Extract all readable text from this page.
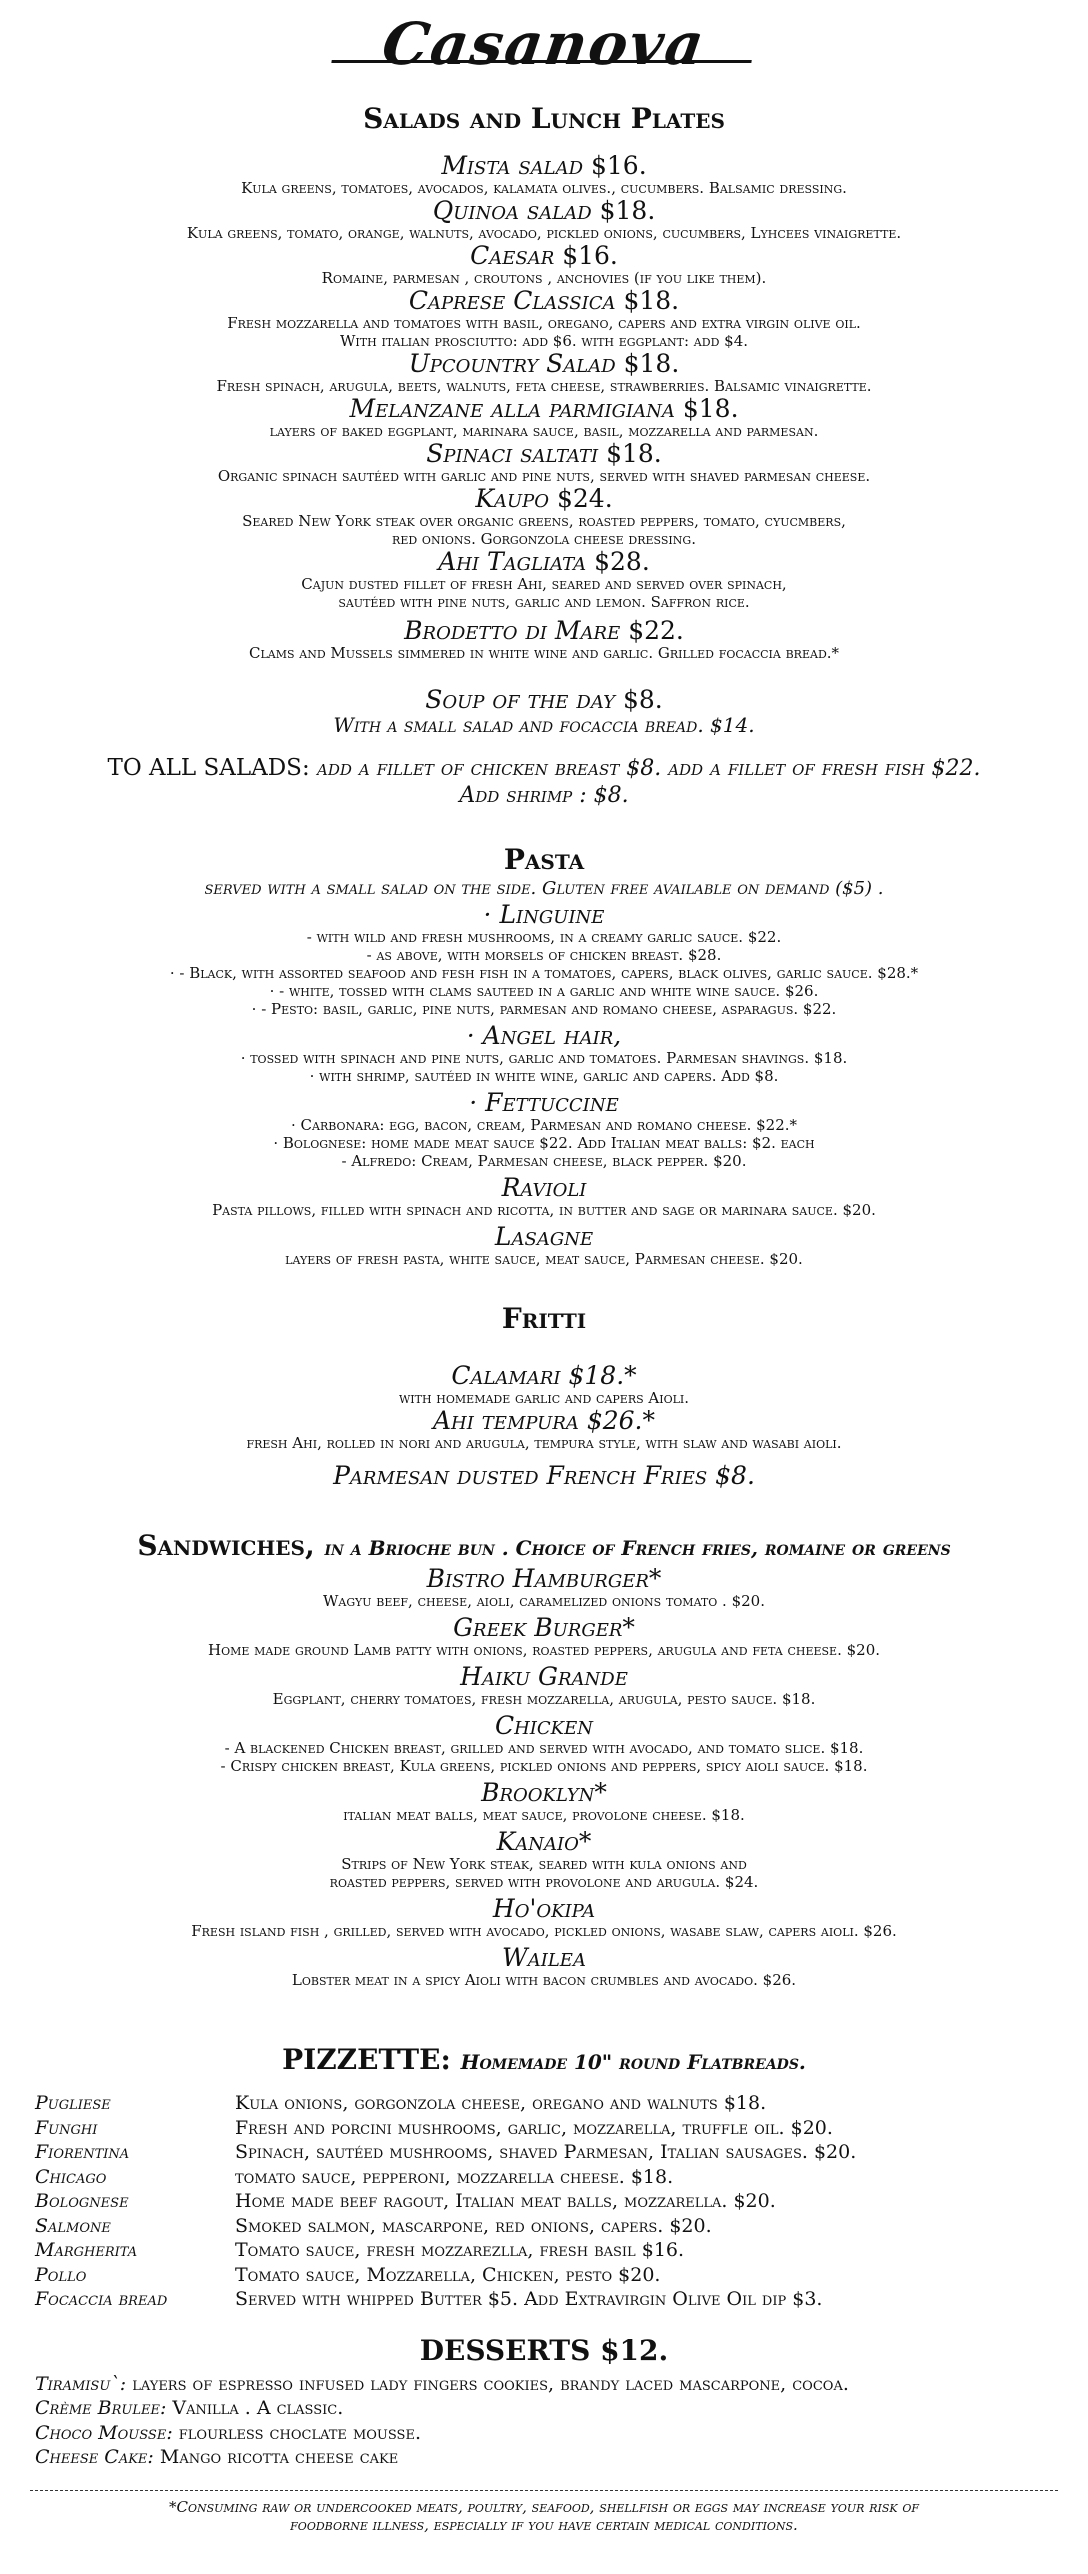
Casanova
Salads and Lunch Plates

Mista salad $16.

Kula greens, tomatoes, avocados, kalamata olives., cucumbers. Balsamic dressing.

Quinoa salad $18.

Kula greens, tomato, orange, walnuts, avocado, pickled onions, cucumbers, Lyhcees vinaigrette.

Caesar $16.

Romaine, parmesan , croutons , anchovies (if you like them).

Caprese Classica $18.

Fresh mozzarella and tomatoes with basil, oregano, capers and extra virgin olive oil.

With italian prosciutto: add $6. with eggplant: add $4.

Upcountry Salad $18.

Fresh spinach, arugula, beets, walnuts, feta cheese, strawberries. Balsamic vinaigrette.

Melanzane alla parmigiana $18.

layers of baked eggplant, marinara sauce, basil, mozzarella and parmesan.

Spinaci saltati $18.

Organic spinach sautéed with garlic and pine nuts, served with shaved parmesan cheese.

Kaupo $24.

Seared New York steak over organic greens, roasted peppers, tomato, cyucmbers,

red onions. Gorgonzola cheese dressing.

Ahi Tagliata $28.

Cajun dusted fillet of fresh Ahi, seared and served over spinach,

sautéed with pine nuts, garlic and lemon. Saffron rice.

Brodetto di Mare $22.

Clams and Mussels simmered in white wine and garlic. Grilled focaccia bread.*

Soup of the day $8.

With a small salad and focaccia bread. $14.

TO ALL SALADS: add a fillet of chicken breast $8. add a fillet of fresh fish $22.
Add shrimp : $8.
Pasta

served with a small salad on the side. Gluten free available on demand ($5) .

· Linguine

- with wild and fresh mushrooms, in a creamy garlic sauce. $22.

- as above, with morsels of chicken breast. $28.

· - Black, with assorted seafood and fesh fish in a tomatoes, capers, black olives, garlic sauce. $28.*

· - white, tossed with clams sauteed in a garlic and white wine sauce. $26.

· - Pesto: basil, garlic, pine nuts, parmesan and romano cheese, asparagus. $22.

· Angel hair,

· tossed with spinach and pine nuts, garlic and tomatoes. Parmesan shavings. $18.

· with shrimp, sautéed in white wine, garlic and capers. Add $8.

· Fettuccine

· Carbonara: egg, bacon, cream, Parmesan and romano cheese. $22.*

· Bolognese: home made meat sauce $22. Add Italian meat balls: $2. each

- Alfredo: Cream, Parmesan cheese, black pepper. $20.

Ravioli

Pasta pillows, filled with spinach and ricotta, in butter and sage or marinara sauce. $20.

Lasagne

layers of fresh pasta, white sauce, meat sauce, Parmesan cheese. $20.

Fritti

Calamari $18.*

with homemade garlic and capers Aioli.

Ahi tempura $26.*

fresh Ahi, rolled in nori and arugula, tempura style, with slaw and wasabi aioli.

Parmesan dusted French Fries $8.

Sandwiches, in a Brioche bun . Choice of French fries, romaine or greens

Bistro Hamburger*

Wagyu beef, cheese, aioli, caramelized onions tomato . $20.

Greek Burger*

Home made ground Lamb patty with onions, roasted peppers, arugula and feta cheese. $20.

Haiku Grande

Eggplant, cherry tomatoes, fresh mozzarella, arugula, pesto sauce. $18.

Chicken

- A blackened Chicken breast, grilled and served with avocado, and tomato slice. $18.

- Crispy chicken breast, Kula greens, pickled onions and peppers, spicy aioli sauce. $18.

Brooklyn*

italian meat balls, meat sauce, provolone cheese. $18.

Kanaio*

Strips of New York steak, seared with kula onions and

roasted peppers, served with provolone and arugula. $24.

Ho'okipa

Fresh island fish , grilled, served with avocado, pickled onions, wasabe slaw, capers aioli. $26.

Wailea

Lobster meat in a spicy Aioli with bacon crumbles and avocado. $26.

PIZZETTE: Homemade 10" round Flatbreads.
Pugliese	Kula onions, gorgonzola cheese, oregano and walnuts $18.
Funghi	Fresh and porcini mushrooms, garlic, mozzarella, truffle oil. $20.
Fiorentina	Spinach, sautéed mushrooms, shaved Parmesan, Italian sausages. $20.
Chicago	tomato sauce, pepperoni, mozzarella cheese. $18.
Bolognese	Home made beef ragout, Italian meat balls, mozzarella. $20.
Salmone	Smoked salmon, mascarpone, red onions, capers. $20.
Margherita	Tomato sauce, fresh mozzarezlla, fresh basil $16.
Pollo	Tomato sauce, Mozzarella, Chicken, pesto $20.
Focaccia bread	Served with whipped Butter $5. Add Extravirgin Olive Oil dip $3.
DESSERTS $12.
Tiramisu`: layers of espresso infused lady fingers cookies, brandy laced mascarpone, cocoa.
Crème Brulee: Vanilla . A classic.
Choco Mousse: flourless choclate mousse.
Cheese Cake: Mango ricotta cheese cake
*Consuming raw or undercooked meats, poultry, seafood, shellfish or eggs may increase your risk of
foodborne illness, especially if you have certain medical conditions.
